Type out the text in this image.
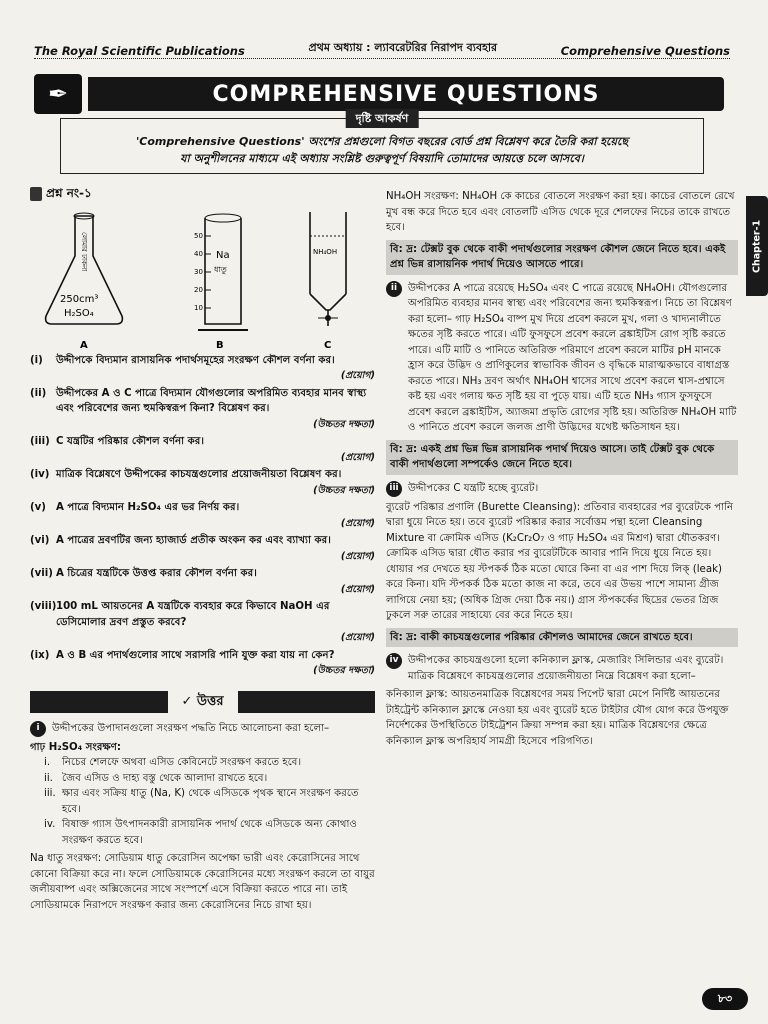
The Royal Scientific Publications	প্রথম অধ্যায় : ল্যাবরেটরির নিরাপদ ব্যবহার	Comprehensive Questions
✒	COMPREHENSIVE QUESTIONS
দৃষ্টি আকর্ষণ
'Comprehensive Questions' অংশের প্রশ্নগুলো বিগত বছরের বোর্ড প্রশ্ন বিশ্লেষণ করে তৈরি করা হয়েছে
যা অনুশীলনের মাধ্যমে এই অধ্যায় সংশ্লিষ্ট গুরুত্বপূর্ণ বিষয়াদি তোমাদের আয়ত্তে চলে আসবে।
Chapter-1
প্রশ্ন নং-১
লোমার ঢাকনা
250cm³
H₂SO₄
A
50
40
30
20
10
Na
ধাতু
B
NH₄OH
C
(i)	উদ্দীপকে বিদ্যমান রাসায়নিক পদার্থসমূহের সংরক্ষণ কৌশল বর্ণনা কর।
(প্রয়োগ)
(ii) উদ্দীপকের A ও C পাত্রে বিদ্যমান যৌগগুলোর অপরিমিত ব্যবহার মানব স্বাস্থ্য এবং পরিবেশের জন্য হুমকিস্বরূপ কিনা? বিশ্লেষণ কর।
(উচ্চতর দক্ষতা)
(iii) C যন্ত্রটির পরিষ্কার কৌশল বর্ণনা কর।
(প্রয়োগ)
(iv) মাত্রিক বিশ্লেষণে উদ্দীপকের কাচযন্ত্রগুলোর প্রয়োজনীয়তা বিশ্লেষণ কর।
(উচ্চতর দক্ষতা)
(v) A পাত্রে বিদ্যমান H₂SO₄ এর ভর নির্ণয় কর।
(প্রয়োগ)
(vi) A পাত্রের দ্রবণটির জন্য হ্যাজার্ড প্রতীক অংকন কর এবং ব্যাখ্যা কর।
(প্রয়োগ)
(vii) A চিত্রের যন্ত্রটিকে উত্তপ্ত করার কৌশল বর্ণনা কর।
(প্রয়োগ)
(viii) 100 mL আয়তনের A যন্ত্রটিকে ব্যবহার করে কিভাবে NaOH এর ডেসিমোলার দ্রবণ প্রস্তুত করবে?
(প্রয়োগ)
(ix) A ও B এর পদার্থগুলোর সাথে সরাসরি পানি যুক্ত করা যায় না কেন?
(উচ্চতর দক্ষতা)
✓ উত্তর
i	উদ্দীপকের উপাদানগুলো সংরক্ষণ পদ্ধতি নিচে আলোচনা করা হলো–
গাঢ় H₂SO₄ সংরক্ষণ:
i.	নিচের শেলফে অথবা এসিড কেবিনেটে সংরক্ষণ করতে হবে।
ii. জৈব এসিড ও দাহ্য বস্তু থেকে আলাদা রাখতে হবে।
iii. ক্ষার এবং সক্রিয় ধাতু (Na, K) থেকে এসিডকে পৃথক স্থানে সংরক্ষণ করতে হবে।
iv. বিষাক্ত গ্যাস উৎপাদনকারী রাসায়নিক পদার্থ থেকে এসিডকে অন্য কোথাও সংরক্ষণ করতে হবে।
Na ধাতু সংরক্ষণ: সোডিয়াম ধাতু কেরোসিন অপেক্ষা ভারী এবং কেরোসিনের সাথে কোনো বিক্রিয়া করে না। ফলে সোডিয়ামকে কেরোসিনের মধ্যে সংরক্ষণ করলে তা বায়ুর জলীয়বাষ্প এবং অক্সিজেনের সাথে সংস্পর্শে এসে বিক্রিয়া করতে পারে না। তাই সোডিয়ামকে নিরাপদে সংরক্ষণ করার জন্য কেরোসিনের নিচে রাখা হয়।
NH₄OH সংরক্ষণ: NH₄OH কে কাচের বোতলে সংরক্ষণ করা হয়। কাচের বোতলে রেখে মুখ বন্ধ করে দিতে হবে এবং বোতলটি এসিড থেকে দূরে শেলফের নিচের তাকে রাখতে হবে।
বি: দ্র: টেক্সট বুক থেকে বাকী পদার্থগুলোর সংরক্ষণ কৌশল জেনে নিতে হবে। একই প্রশ্ন ভিন্ন রাসায়নিক পদার্থ দিয়েও আসতে পারে।
ii	উদ্দীপকের A পাত্রে রয়েছে H₂SO₄ এবং C পাত্রে রয়েছে NH₄OH। যৌগগুলোর অপরিমিত ব্যবহার মানব স্বাস্থ্য এবং পরিবেশের জন্য হুমকিস্বরূপ। নিচে তা বিশ্লেষণ করা হলো– গাঢ় H₂SO₄ বাষ্প মুখ দিয়ে প্রবেশ করলে মুখ, গলা ও খাদ্যনালীতে ক্ষতের সৃষ্টি করতে পারে। এটি ফুসফুসে প্রবেশ করলে ব্রঙ্কাইটিস রোগ সৃষ্টি করতে পারে। এটি মাটি ও পানিতে অতিরিক্ত পরিমাণে প্রবেশ করলে মাটির pH মানকে হ্রাস করে উদ্ভিদ ও প্রাণিকুলের স্বাভাবিক জীবন ও বৃদ্ধিকে মারাত্মকভাবে বাধাগ্রস্ত করতে পারে। NH₃ দ্রবণ অর্থাৎ NH₄OH শ্বাসের সাথে প্রবেশ করলে শ্বাস-প্রশ্বাসে কষ্ট হয় এবং গলায় ক্ষত সৃষ্টি হয় বা পুড়ে যায়। এটি হতে NH₃ গ্যাস ফুসফুসে প্রবেশ করলে ব্রঙ্কাইটিস, অ্যাজমা প্রভৃতি রোগের সৃষ্টি হয়। অতিরিক্ত NH₄OH মাটি ও পানিতে প্রবেশ করলে জলজ প্রাণী উদ্ভিদের যথেষ্ট ক্ষতিসাধন হয়।
বি: দ্র: একই প্রশ্ন ভিন্ন ভিন্ন রাসায়নিক পদার্থ দিয়েও আসে। তাই টেক্সট বুক থেকে বাকী পদার্থগুলো সম্পর্কেও জেনে নিতে হবে।
iii উদ্দীপকের C যন্ত্রটি হচ্ছে ব্যুরেট।
ব্যুরেট পরিষ্কার প্রণালি (Burette Cleansing): প্রতিবার ব্যবহারের পর ব্যুরেটকে পানি দ্বারা ধুয়ে নিতে হয়। তবে ব্যুরেট পরিষ্কার করার সর্বোত্তম পন্থা হলো Cleansing Mixture বা ক্রোমিক এসিড (K₂Cr₂O₇ ও গাঢ় H₂SO₄ এর মিশ্রণ) দ্বারা ধৌতকরণ। ক্রোমিক এসিড দ্বারা ধৌত করার পর ব্যুরেটটিকে আবার পানি দিয়ে ধুয়ে নিতে হয়। ধোয়ার পর দেখতে হয় স্টপকর্ক ঠিক মতো ঘোরে কিনা বা এর পাশ দিয়ে লিক্ (leak) করে কিনা। যদি স্টপকর্ক ঠিক মতো কাজ না করে, তবে এর উভয় পাশে সামান্য গ্রীজ লাগিয়ে নেয়া হয়; (অধিক গ্রিজ দেয়া ঠিক নয়।) গ্রাস স্টপকর্কের ছিদ্রের ভেতর গ্রিজ ঢুকলে সরু তারের সাহায্যে বের করে নিতে হয়।
বি: দ্র: বাকী কাচযন্ত্রগুলোর পরিষ্কার কৌশলও আমাদের জেনে রাখতে হবে।
iv উদ্দীপকের কাচযন্ত্রগুলো হলো কনিক্যাল ফ্লাস্ক, মেজারিং সিলিন্ডার এবং ব্যুরেট। মাত্রিক বিশ্লেষণে কাচযন্ত্রগুলোর প্রয়োজনীয়তা নিম্নে বিশ্লেষণ করা হলো–
কনিক্যাল ফ্লাস্ক: আয়তনমাত্রিক বিশ্লেষণের সময় পিপেট দ্বারা মেপে নির্দিষ্ট আয়তনের টাইট্রেন্ট কনিক্যাল ফ্লাস্কে নেওয়া হয় এবং ব্যুরেট হতে টাইটার যৌগ যোগ করে উপযুক্ত নির্দেশকের উপস্থিতিতে টাইট্রেশন ক্রিয়া সম্পন্ন করা হয়। মাত্রিক বিশ্লেষণের ক্ষেত্রে কনিক্যাল ফ্লাস্ক অপরিহার্য সামগ্রী হিসেবে পরিগণিত।
৮৩
